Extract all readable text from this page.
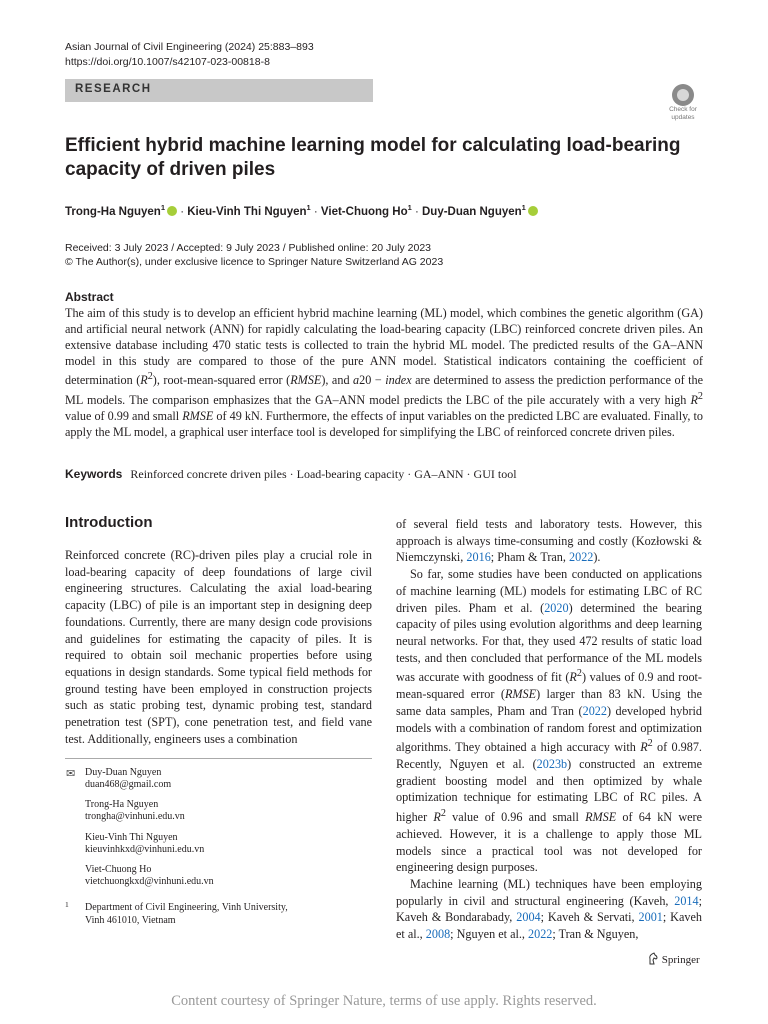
Asian Journal of Civil Engineering (2024) 25:883–893
https://doi.org/10.1007/s42107-023-00818-8
RESEARCH
Check for
updates
Efficient hybrid machine learning model for calculating load-bearing capacity of driven piles
Trong-Ha Nguyen$^1$ · Kieu-Vinh Thi Nguyen$^1$ · Viet-Chuong $Ho^1$ · Duy-Duan Nguyen$^1$
Received: 3 July 2023 / Accepted: 9 July 2023 / Published online: 20 July 2023
© The Author(s), under exclusive licence to Springer Nature Switzerland AG 2023
Abstract
The aim of this study is to develop an efficient hybrid machine learning (ML) model, which combines the genetic algorithm (GA) and artificial neural network (ANN) for rapidly calculating the load-bearing capacity (LBC) reinforced concrete driven piles. An extensive database including 470 static tests is collected to train the hybrid ML model. The predicted results of the GA–ANN model in this study are compared to those of the pure ANN model. Statistical indicators containing the coefficient of determination $(R^2)$, root-mean-squared error (RMSE), and a20 − index are determined to assess the prediction performance of the ML models. The comparison emphasizes that the GA–ANN model predicts the LBC of the pile accurately with a very high $R^2$ value of 0.99 and small RMSE of 49 kN. Furthermore, the effects of input variables on the predicted LBC are evaluated. Finally, to apply the ML model, a graphical user interface tool is developed for simplifying the LBC of reinforced concrete driven piles.
Keywords Reinforced concrete driven piles · Load-bearing capacity · GA–ANN · GUI tool
Introduction
Reinforced concrete (RC)-driven piles play a crucial role in load-bearing capacity of deep foundations of large civil engineering structures. Calculating the axial load-bearing capacity (LBC) of pile is an important step in designing deep foundations. Currently, there are many design code provisions and guidelines for estimating the capacity of piles. It is required to obtain soil mechanic properties before using equations in design standards. Some typical field methods for ground testing have been employed in construction projects such as static probing test, dynamic probing test, standard penetration test (SPT), cone penetration test, and field vane test. Additionally, engineers uses a combination

of several field tests and laboratory tests. However, this approach is always time-consuming and costly (Kozłowski & Niemczynski, 2016; Pham & Tran, 2022).

So far, some studies have been conducted on applications of machine learning (ML) models for estimating LBC of RC driven piles. Pham et al. (2020) determined the bearing capacity of piles using evolution algorithms and deep learning neural networks. For that, they used 472 results of static load tests, and then concluded that performance of the ML models was accurate with goodness of fit $(R^2)$ values of 0.9 and root-mean-squared error (RMSE) larger than 83 kN. Using the same data samples, Pham and Tran (2022) developed hybrid models with a combination of random forest and optimization algorithms. They obtained a high accuracy with $R^2$ of 0.987. Recently, Nguyen et al. (2023b) constructed an extreme gradient boosting model and then optimized by whale optimization technique for estimating LBC of RC piles. A higher $R^2$ value of 0.96 and small RMSE of 64 kN were achieved. However, it is a challenge to apply those ML models since a practical tool was not developed for engineering design purposes.

Machine learning (ML) techniques have been employing popularly in civil and structural engineering (Kaveh, 2014; Kaveh & Bondarabady, 2004; Kaveh & Servati, 2001; Kaveh et al., 2008; Nguyen et al., 2022; Tran & Nguyen,

✉ Duy-Duan Nguyen
duan468@gmail.com
Trong-Ha Nguyen
trongha@vinhuni.edu.vn
Kieu-Vinh Thi Nguyen
kieuvinhkxd@vinhuni.edu.vn
Viet-Chuong Ho
vietchuongkxd@vinhuni.edu.vn
1 Department of Civil Engineering, Vinh University,
Vinh 461010, Vietnam
Springer
Content courtesy of Springer Nature, terms of use apply. Rights reserved.
